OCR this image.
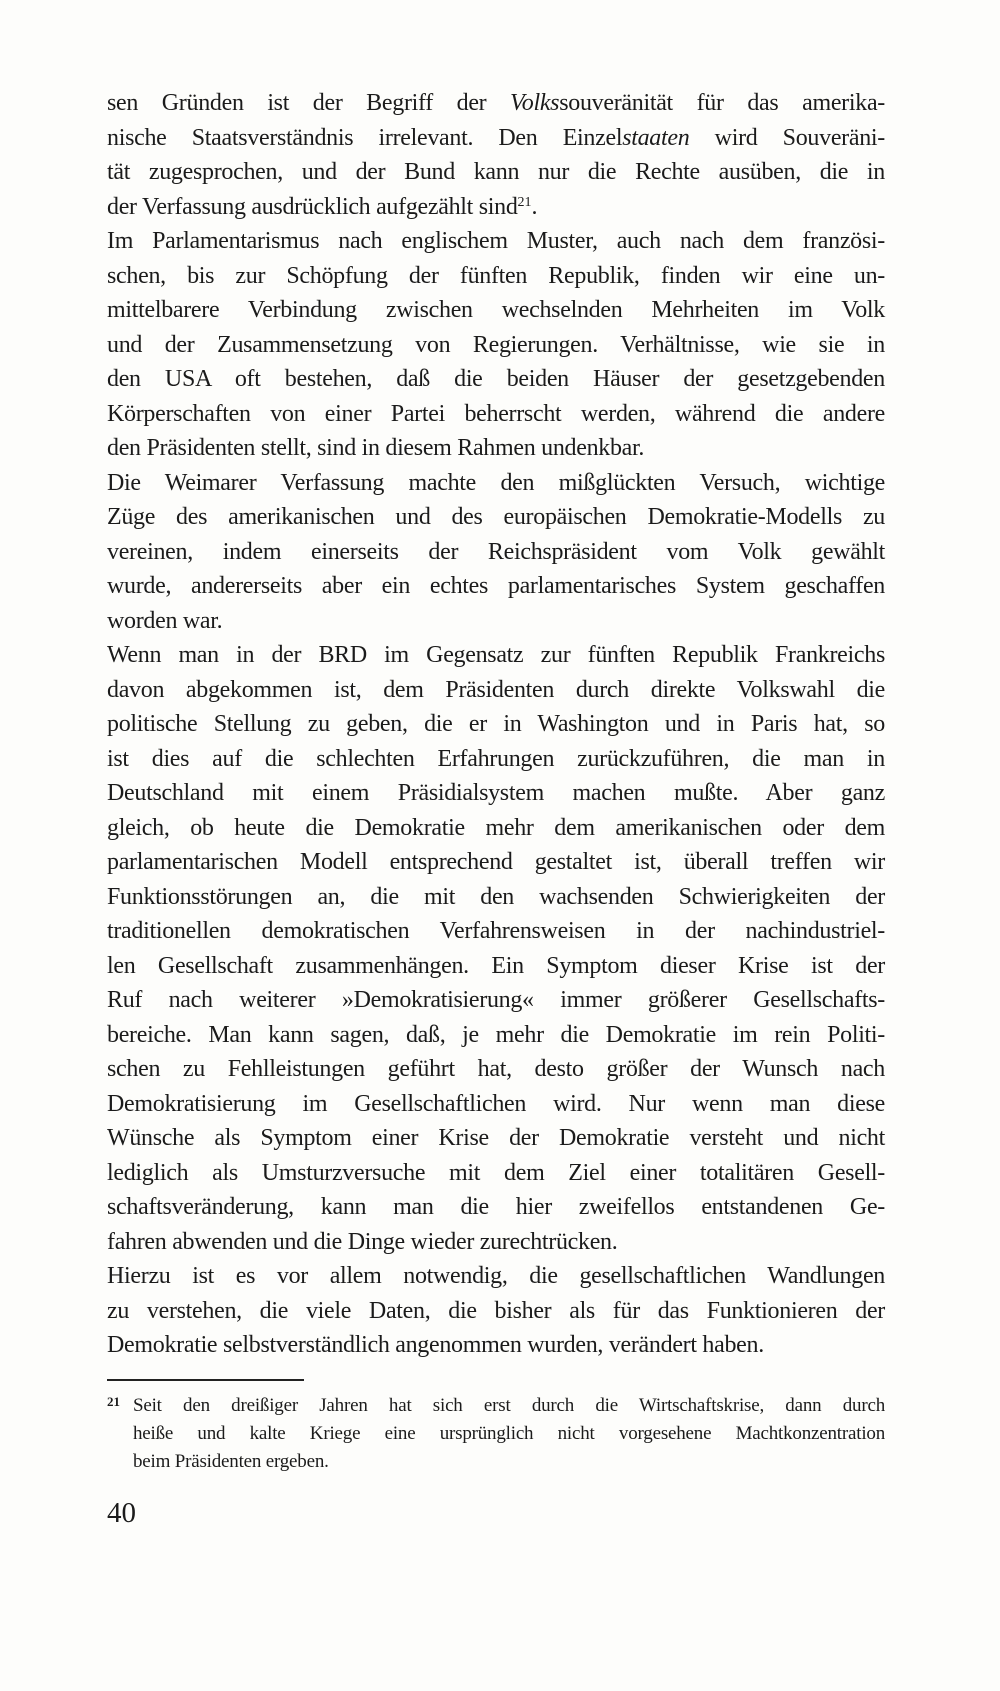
sen Gründen ist der Begriff der Volkssouveränität für das amerika-
nische Staatsverständnis irrelevant. Den Einzelstaaten wird Souveräni-
tät zugesprochen, und der Bund kann nur die Rechte ausüben, die in
der Verfassung ausdrücklich aufgezählt sind$^{21}$.
Im Parlamentarismus nach englischem Muster, auch nach dem französi-
schen, bis zur Schöpfung der fünften Republik, finden wir eine un-
mittelbarere Verbindung zwischen wechselnden Mehrheiten im Volk
und der Zusammensetzung von Regierungen. Verhältnisse, wie sie in
den USA oft bestehen, daß die beiden Häuser der gesetzgebenden
Körperschaften von einer Partei beherrscht werden, während die andere
den Präsidenten stellt, sind in diesem Rahmen undenkbar.
Die Weimarer Verfassung machte den mißglückten Versuch, wichtige
Züge des amerikanischen und des europäischen Demokratie-Modells zu
vereinen, indem einerseits der Reichspräsident vom Volk gewählt
wurde, andererseits aber ein echtes parlamentarisches System geschaffen
worden war.
Wenn man in der BRD im Gegensatz zur fünften Republik Frankreichs
davon abgekommen ist, dem Präsidenten durch direkte Volkswahl die
politische Stellung zu geben, die er in Washington und in Paris hat, so
ist dies auf die schlechten Erfahrungen zurückzuführen, die man in
Deutschland mit einem Präsidialsystem machen mußte. Aber ganz
gleich, ob heute die Demokratie mehr dem amerikanischen oder dem
parlamentarischen Modell entsprechend gestaltet ist, überall treffen wir
Funktionsstörungen an, die mit den wachsenden Schwierigkeiten der
traditionellen demokratischen Verfahrensweisen in der nachindustriel-
len Gesellschaft zusammenhängen. Ein Symptom dieser Krise ist der
Ruf nach weiterer »Demokratisierung« immer größerer Gesellschafts-
bereiche. Man kann sagen, daß, je mehr die Demokratie im rein Politi-
schen zu Fehlleistungen geführt hat, desto größer der Wunsch nach
Demokratisierung im Gesellschaftlichen wird. Nur wenn man diese
Wünsche als Symptom einer Krise der Demokratie versteht und nicht
lediglich als Umsturzversuche mit dem Ziel einer totalitären Gesell-
schaftsveränderung, kann man die hier zweifellos entstandenen Ge-
fahren abwenden und die Dinge wieder zurechtrücken.
Hierzu ist es vor allem notwendig, die gesellschaftlichen Wandlungen
zu verstehen, die viele Daten, die bisher als für das Funktionieren der
Demokratie selbstverständlich angenommen wurden, verändert haben.
21 Seit den dreißiger Jahren hat sich erst durch die Wirtschaftskrise, dann durch
heiße und kalte Kriege eine ursprünglich nicht vorgesehene Machtkonzentration
beim Präsidenten ergeben.
40
